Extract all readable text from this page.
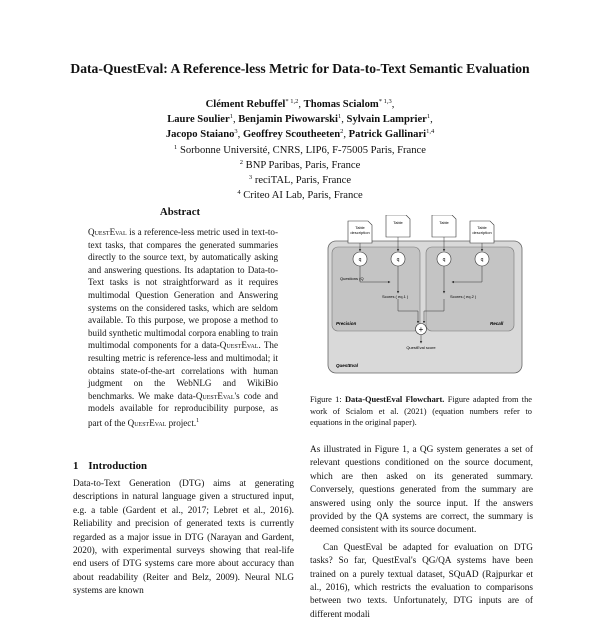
Data-QuestEval: A Reference-less Metric for Data-to-Text Semantic Evaluation
Clément Rebuffel$^{* 1,2}$, Thomas Scialom$^{* 1,3}$,
Laure Soulier$^1$, Benjamin Piwowarski$^1$, Sylvain Lamprier$^1$,
Jacopo Staiano$^3$, Geoffrey Scoutheeten$^2$, Patrick Gallinari$^{1,4}$
$^1$ Sorbonne Université, CNRS, LIP6, F-75005 Paris, France
$^2$ BNP Paribas, Paris, France
$^3$ reciTAL, Paris, France
$^4$ Criteo AI Lab, Paris, France
Abstract
QuestEval is a reference-less metric used in text-to-text tasks, that compares the generated summaries directly to the source text, by automatically asking and answering questions. Its adaptation to Data-to-Text tasks is not straightforward as it requires multimodal Question Generation and Answering systems on the considered tasks, which are seldom available. To this purpose, we propose a method to build synthetic multimodal corpora enabling to train multimodal components for a data-QuestEval. The resulting metric is reference-less and multimodal; it obtains state-of-the-art correlations with human judgment on the WebNLG and WikiBio benchmarks. We make data-QuestEval's code and models available for reproducibility purpose, as part of the QuestEval project.$^1$
1 Introduction
Data-to-Text Generation (DTG) aims at generating descriptions in natural language given a structured input, e.g. a table (Gardent et al., 2017; Lebret et al., 2016). Reliability and precision of generated texts is currently regarded as a major issue in DTG (Narayan and Gardent, 2020), with experimental surveys showing that real-life end users of DTG systems care more about accuracy than about readability (Reiter and Belz, 2009). Neural NLG systems are known
Table
description
Table	Table
Table
description
q	q	q	q
Questions (Q
Scores ( eq.1 )	Scores ( eq.2 )
Precision	Recall
+
QuestEval score
QuestEval
Figure 1: Data-QuestEval Flowchart. Figure adapted from the work of Scialom et al. (2021) (equation numbers refer to equations in the original paper).

As illustrated in Figure 1, a QG system generates a set of relevant questions conditioned on the source document, which are then asked on its generated summary. Conversely, questions generated from the summary are answered using only the source input. If the answers provided by the QA systems are correct, the summary is deemed consistent with its source document.

Can QuestEval be adapted for evaluation on DTG tasks? So far, QuestEval's QG/QA systems have been trained on a purely textual dataset, SQuAD (Rajpurkar et al., 2016), which restricts the evaluation to comparisons between two texts. Unfortunately, DTG inputs are of different modali
